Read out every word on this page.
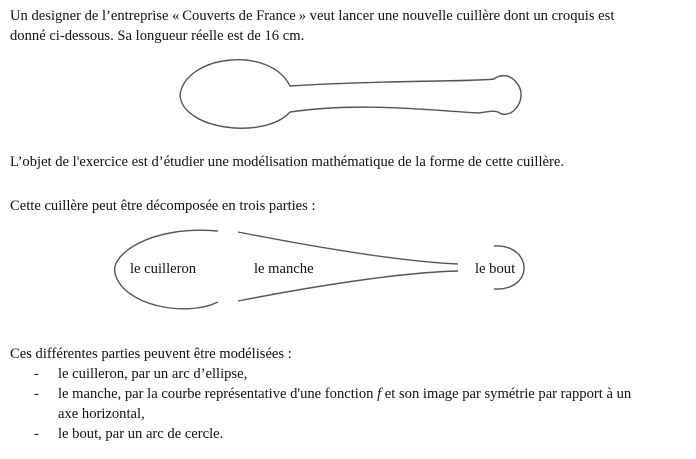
Un designer de l’entreprise « Couverts de France » veut lancer une nouvelle cuillère dont un croquis est

donné ci-dessous. Sa longueur réelle est de 16 cm.

L’objet de l'exercice est d’étudier une modélisation mathématique de la forme de cette cuillère.
Cette cuillère peut être décomposée en trois parties :
le cuilleron	le manche	le bout
Ces différentes parties peuvent être modélisées :
- le cuilleron, par un arc d’ellipse,
- le manche, par la courbe représentative d'une fonction f et son image par symétrie par rapport à un
axe horizontal,
- le bout, par un arc de cercle.
